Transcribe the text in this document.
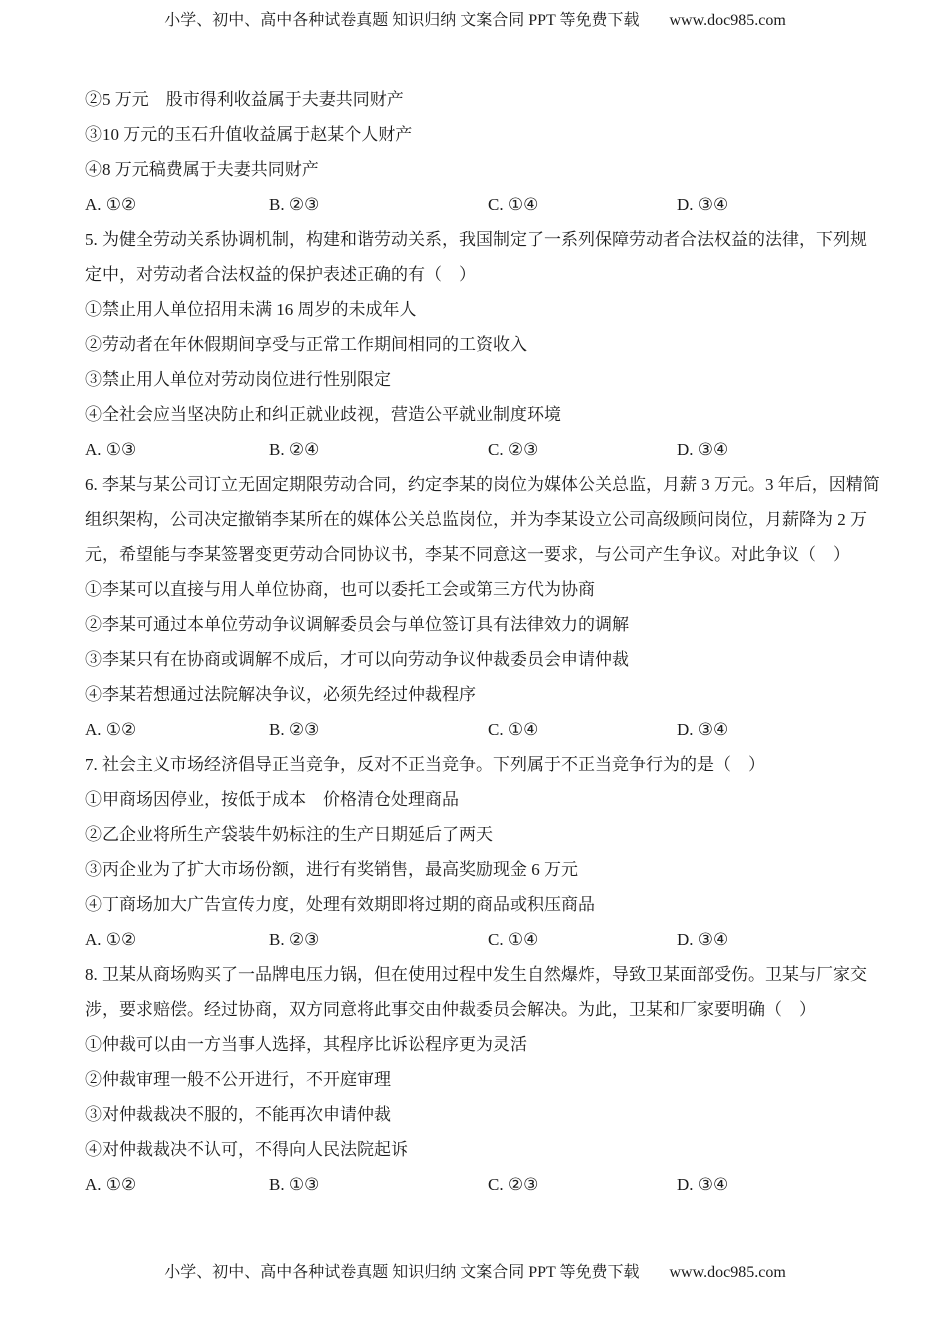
小学、初中、高中各种试卷真题 知识归纳 文案合同 PPT 等免费下载 www.doc985.com
②5 万元　股市得利收益属于夫妻共同财产
③10 万元的玉石升值收益属于赵某个人财产
④8 万元稿费属于夫妻共同财产
A. ①②	B. ②③	C. ①④	D. ③④
5. 为健全劳动关系协调机制，构建和谐劳动关系，我国制定了一系列保障劳动者合法权益的法律，下列规
定中，对劳动者合法权益的保护表述正确的有（　）
①禁止用人单位招用未满 16 周岁的未成年人
②劳动者在年休假期间享受与正常工作期间相同的工资收入
③禁止用人单位对劳动岗位进行性别限定
④全社会应当坚决防止和纠正就业歧视，营造公平就业制度环境
A. ①③	B. ②④	C. ②③	D. ③④
6. 李某与某公司订立无固定期限劳动合同，约定李某的岗位为媒体公关总监，月薪 3 万元。3 年后，因精简
组织架构，公司决定撤销李某所在的媒体公关总监岗位，并为李某设立公司高级顾问岗位，月薪降为 2 万
元，希望能与李某签署变更劳动合同协议书，李某不同意这一要求，与公司产生争议。对此争议（　）
①李某可以直接与用人单位协商，也可以委托工会或第三方代为协商
②李某可通过本单位劳动争议调解委员会与单位签订具有法律效力的调解
③李某只有在协商或调解不成后，才可以向劳动争议仲裁委员会申请仲裁
④李某若想通过法院解决争议，必须先经过仲裁程序
A. ①②	B. ②③	C. ①④	D. ③④
7. 社会主义市场经济倡导正当竞争，反对不正当竞争。下列属于不正当竞争行为的是（　）
①甲商场因停业，按低于成本　价格清仓处理商品
②乙企业将所生产袋装牛奶标注的生产日期延后了两天
③丙企业为了扩大市场份额，进行有奖销售，最高奖励现金 6 万元
④丁商场加大广告宣传力度，处理有效期即将过期的商品或积压商品
A. ①②	B. ②③	C. ①④	D. ③④
8. 卫某从商场购买了一品牌电压力锅，但在使用过程中发生自然爆炸，导致卫某面部受伤。卫某与厂家交
涉，要求赔偿。经过协商，双方同意将此事交由仲裁委员会解决。为此，卫某和厂家要明确（　）
①仲裁可以由一方当事人选择，其程序比诉讼程序更为灵活
②仲裁审理一般不公开进行，不开庭审理
③对仲裁裁决不服的，不能再次申请仲裁
④对仲裁裁决不认可，不得向人民法院起诉
A. ①②	B. ①③	C. ②③	D. ③④
小学、初中、高中各种试卷真题 知识归纳 文案合同 PPT 等免费下载 www.doc985.com
